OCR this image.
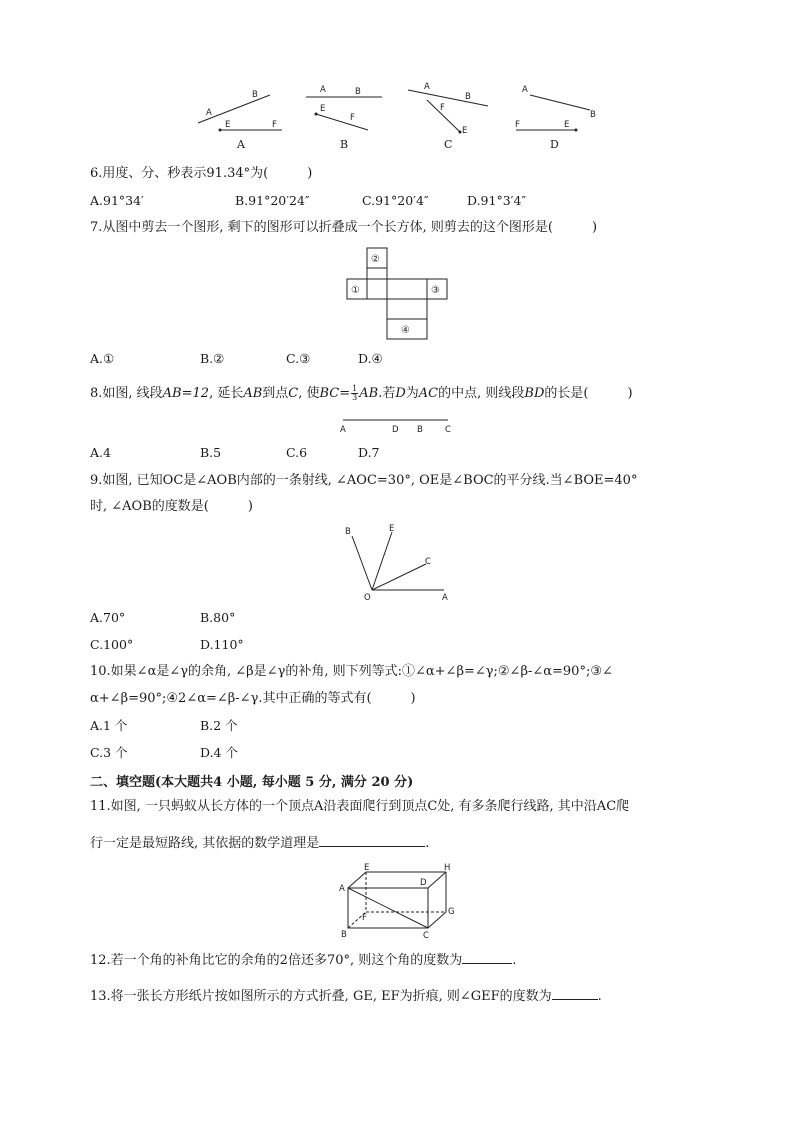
A
B
E	F
A
A	B
E
F
B
A
B
F
E
C
A
B
F	E
D
6.用度、分、秒表示91.34°为(　　　)
A.91°34′	B.91°20′24″	C.91°20′4″	D.91°3′4″
7.从图中剪去一个图形, 剩下的图形可以折叠成一个长方体, 则剪去的这个图形是(　　　)
①
②
③
④
A.①	B.②	C.③	D.④
8.如图, 线段AB=12, 延长AB到点C, 使$BC= \frac{1}{3}$ AB.若D为AC的中点, 则线段BD的长是(　　　)
A	D B	C
A.4	B.5	C.6	D.7
9.如图, 已知OC是∠AOB内部的一条射线, ∠AOC=30°, OE是∠BOC的平分线.当∠BOE=40°
时, ∠AOB的度数是(　　　)
B	E
C
O	A
A.70°	B.80°
C.100°	D.110°
10.如果∠α是∠γ的余角, ∠β是∠γ的补角, 则下列等式:①∠α+∠β=∠γ;②∠β-∠α=90°;③∠
α+∠β=90°;④2∠α=∠β-∠γ.其中正确的等式有(　　　)
A.1 个	B.2 个
C.3 个	D.4 个
二、填空题(本大题共4 小题, 每小题 5 分, 满分 20 分)
11.如图, 一只蚂蚁从长方体的一个顶点A沿表面爬行到顶点C处, 有多条爬行线路, 其中沿AC爬
行一定是最短路线, 其依据的数学道理是	.
A
B	C
D
E
F
G
H
12.若一个角的补角比它的余角的2倍还多70°, 则这个角的度数为	.
13.将一张长方形纸片按如图所示的方式折叠, GE, EF为折痕, 则∠GEF的度数为	.
